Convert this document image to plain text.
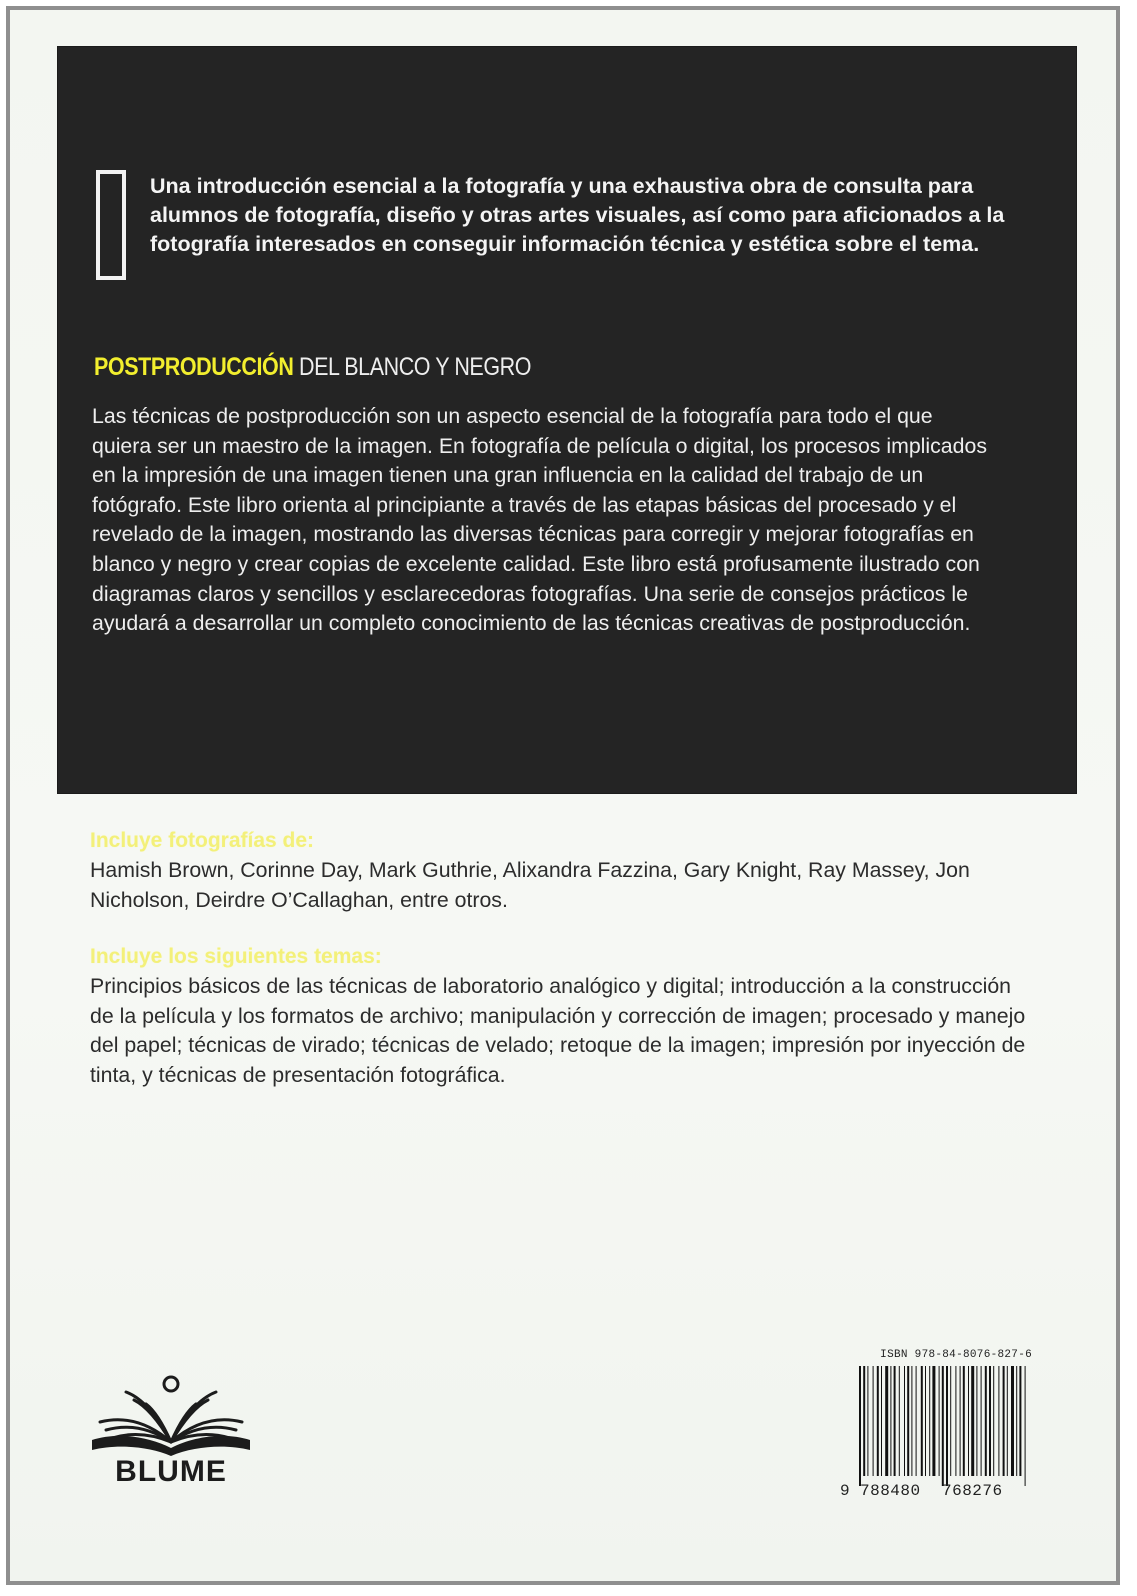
Una introducción esencial a la fotografía y una exhaustiva obra de consulta para alumnos de fotografía, diseño y otras artes visuales, así como para aficionados a la fotografía interesados en conseguir información técnica y estética sobre el tema.

POSTPRODUCCIÓN DEL BLANCO Y NEGRO

Las técnicas de postproducción son un aspecto esencial de la fotografía para todo el que quiera ser un maestro de la imagen. En fotografía de película o digital, los procesos implicados en la impresión de una imagen tienen una gran influencia en la calidad del trabajo de un fotógrafo. Este libro orienta al principiante a través de las etapas básicas del procesado y el revelado de la imagen, mostrando las diversas técnicas para corregir y mejorar fotografías en blanco y negro y crear copias de excelente calidad. Este libro está profusamente ilustrado con diagramas claros y sencillos y esclarecedoras fotografías. Una serie de consejos prácticos le ayudará a desarrollar un completo conocimiento de las técnicas creativas de postproducción.

Incluye fotografías de:

Hamish Brown, Corinne Day, Mark Guthrie, Alixandra Fazzina, Gary Knight, Ray Massey, Jon Nicholson, Deirdre O’Callaghan, entre otros.

Incluye los siguientes temas:

Principios básicos de las técnicas de laboratorio analógico y digital; introducción a la construcción de la película y los formatos de archivo; manipulación y corrección de imagen; procesado y manejo del papel; técnicas de virado; técnicas de velado; retoque de la imagen; impresión por inyección de tinta, y técnicas de presentación fotográfica.

BLUME
ISBN 978-84-8076-827-6
9 788480 768276
